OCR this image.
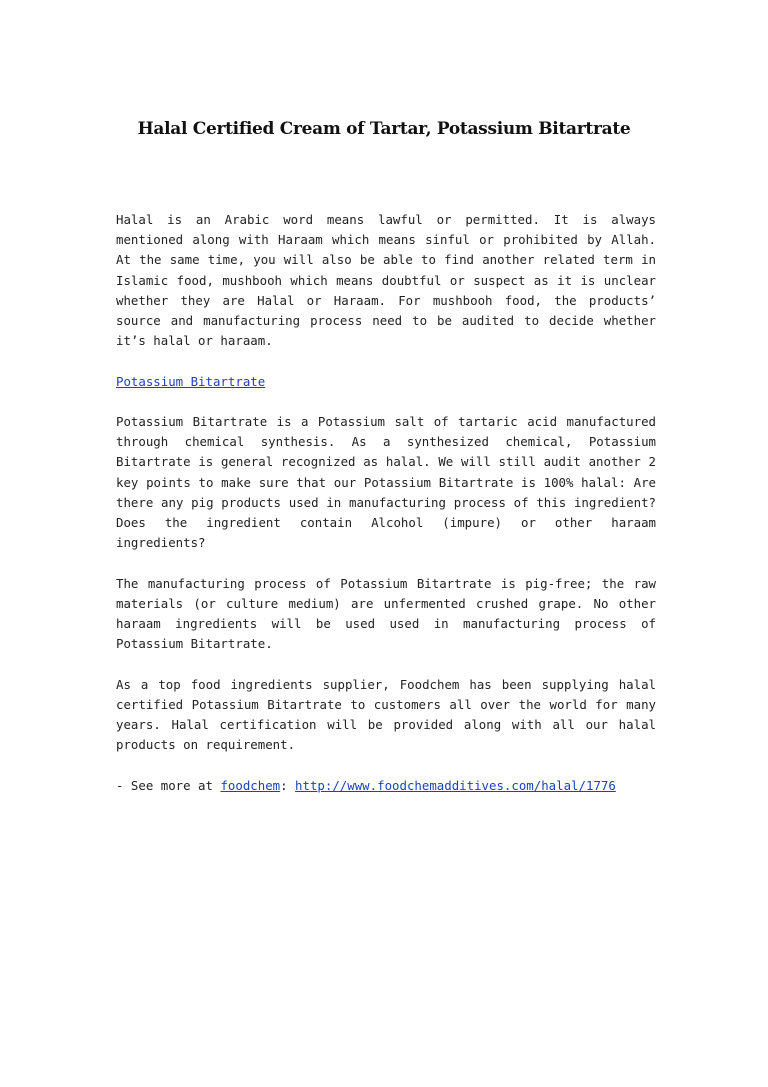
Halal Certified Cream of Tartar, Potassium Bitartrate

Halal is an Arabic word means lawful or permitted. It is always mentioned along with Haraam which means sinful or prohibited by Allah. At the same time, you will also be able to find another related term in Islamic food, mushbooh which means doubtful or suspect as it is unclear whether they are Halal or Haraam. For mushbooh food, the products’ source and manufacturing process need to be audited to decide whether it’s halal or haraam.

Potassium Bitartrate

Potassium Bitartrate is a Potassium salt of tartaric acid manufactured through chemical synthesis. As a synthesized chemical, Potassium Bitartrate is general recognized as halal. We will still audit another 2 key points to make sure that our Potassium Bitartrate is 100% halal: Are there any pig products used in manufacturing process of this ingredient? Does the ingredient contain Alcohol (impure) or other haraam ingredients?

The manufacturing process of Potassium Bitartrate is pig-free; the raw materials (or culture medium) are unfermented crushed grape. No other haraam ingredients will be used used in manufacturing process of Potassium Bitartrate.

As a top food ingredients supplier, Foodchem has been supplying halal certified Potassium Bitartrate to customers all over the world for many years. Halal certification will be provided along with all our halal products on requirement.

- See more at foodchem: http://www.foodchemadditives.com/halal/1776
